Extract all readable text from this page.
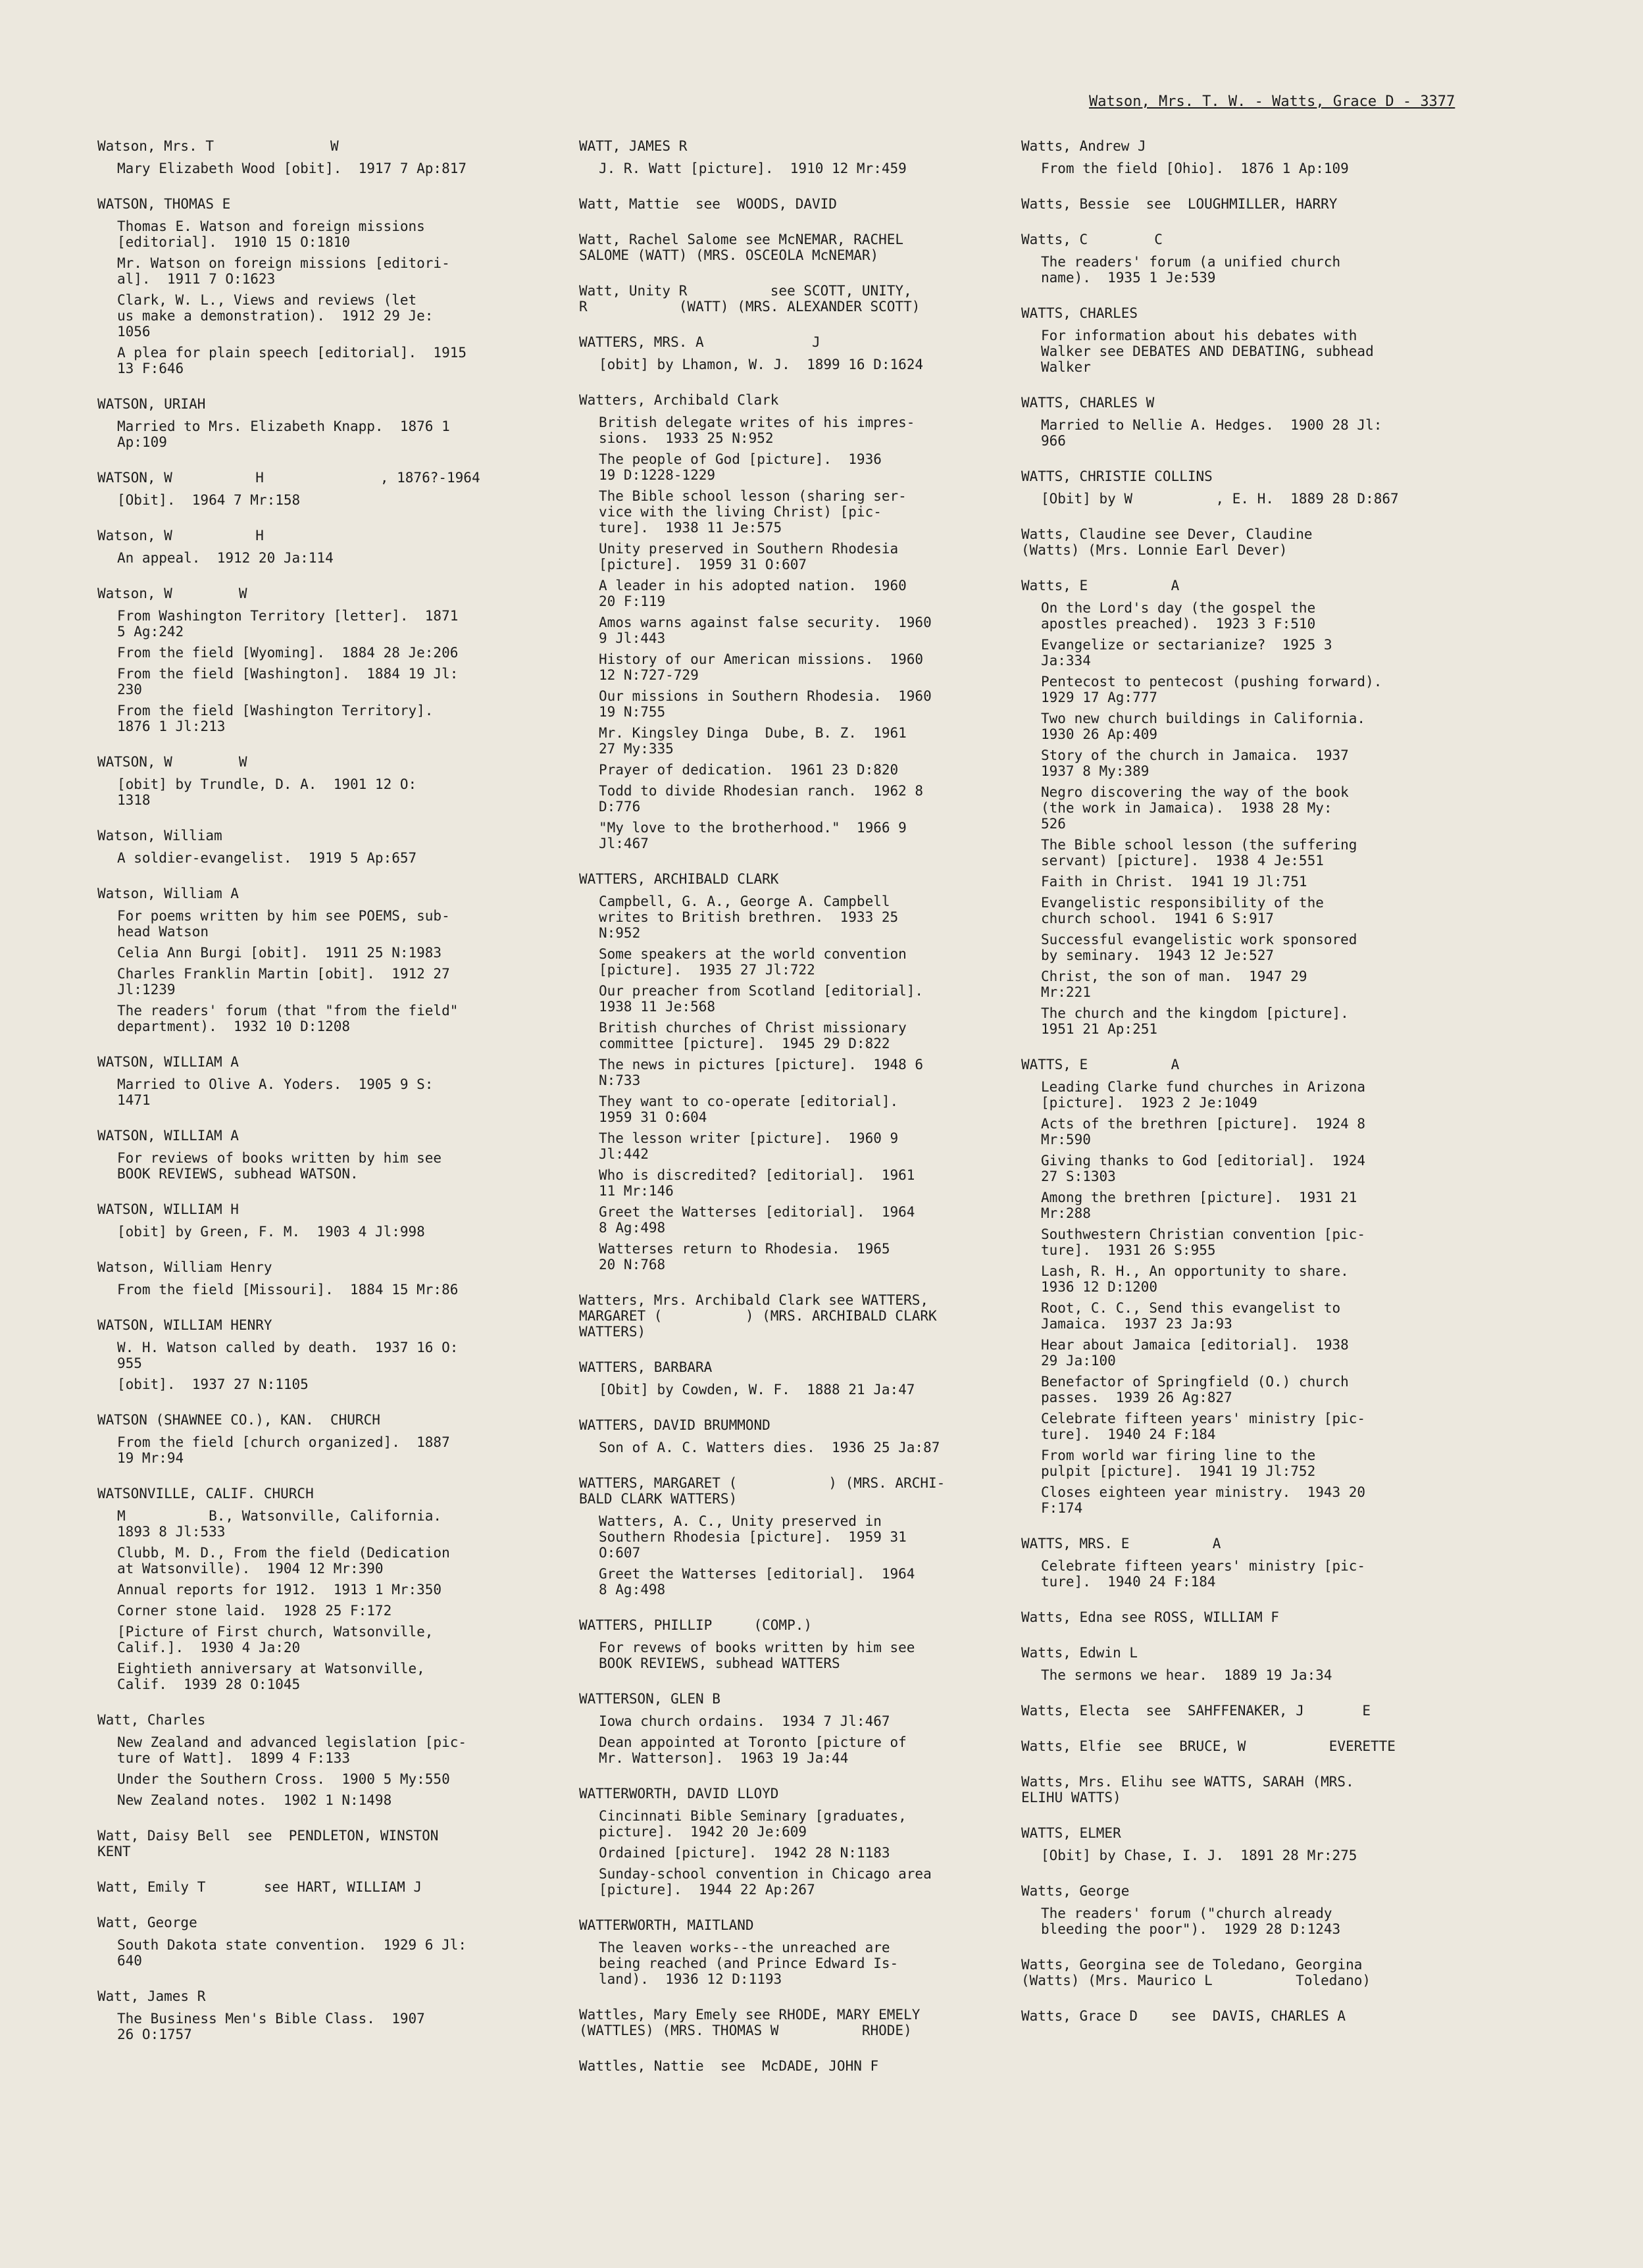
Watson, Mrs. T. W. - Watts, Grace D - 3377
Watson, Mrs. T              W
Mary Elizabeth Wood [obit].  1917 7 Ap:817
WATSON, THOMAS E
Thomas E. Watson and foreign missions
[editorial].  1910 15 O:1810
Mr. Watson on foreign missions [editori-
al].  1911 7 O:1623
Clark, W. L., Views and reviews (let
us make a demonstration).  1912 29 Je:
1056
A plea for plain speech [editorial].  1915
13 F:646
WATSON, URIAH
Married to Mrs. Elizabeth Knapp.  1876 1
Ap:109
WATSON, W          H              , 1876?-1964
[Obit].  1964 7 Mr:158
Watson, W          H
An appeal.  1912 20 Ja:114
Watson, W        W
From Washington Territory [letter].  1871
5 Ag:242
From the field [Wyoming].  1884 28 Je:206
From the field [Washington].  1884 19 Jl:
230
From the field [Washington Territory].
1876 1 Jl:213
WATSON, W        W
[obit] by Trundle, D. A.  1901 12 O:
1318
Watson, William
A soldier-evangelist.  1919 5 Ap:657
Watson, William A
For poems written by him see POEMS, sub-
head Watson
Celia Ann Burgi [obit].  1911 25 N:1983
Charles Franklin Martin [obit].  1912 27
Jl:1239
The readers' forum (that "from the field"
department).  1932 10 D:1208
WATSON, WILLIAM A
Married to Olive A. Yoders.  1905 9 S:
1471
WATSON, WILLIAM A
For reviews of books written by him see
BOOK REVIEWS, subhead WATSON.
WATSON, WILLIAM H
[obit] by Green, F. M.  1903 4 Jl:998
Watson, William Henry
From the field [Missouri].  1884 15 Mr:86
WATSON, WILLIAM HENRY
W. H. Watson called by death.  1937 16 O:
955
[obit].  1937 27 N:1105
WATSON (SHAWNEE CO.), KAN.  CHURCH
From the field [church organized].  1887
19 Mr:94
WATSONVILLE, CALIF. CHURCH
M          B., Watsonville, California.
1893 8 Jl:533
Clubb, M. D., From the field (Dedication
at Watsonville).  1904 12 Mr:390
Annual reports for 1912.  1913 1 Mr:350
Corner stone laid.  1928 25 F:172
[Picture of First church, Watsonville,
Calif.].  1930 4 Ja:20
Eightieth anniversary at Watsonville,
Calif.  1939 28 O:1045
Watt, Charles
New Zealand and advanced legislation [pic-
ture of Watt].  1899 4 F:133
Under the Southern Cross.  1900 5 My:550
New Zealand notes.  1902 1 N:1498
Watt, Daisy Bell  see  PENDLETON, WINSTON
KENT
Watt, Emily T       see HART, WILLIAM J
Watt, George
South Dakota state convention.  1929 6 Jl:
640
Watt, James R
The Business Men's Bible Class.  1907
26 O:1757
WATT, JAMES R
J. R. Watt [picture].  1910 12 Mr:459
Watt, Mattie  see  WOODS, DAVID
Watt, Rachel Salome see McNEMAR, RACHEL
SALOME (WATT) (MRS. OSCEOLA McNEMAR)
Watt, Unity R          see SCOTT, UNITY,
R           (WATT) (MRS. ALEXANDER SCOTT)
WATTERS, MRS. A             J
[obit] by Lhamon, W. J.  1899 16 D:1624
Watters, Archibald Clark
British delegate writes of his impres-
sions.  1933 25 N:952
The people of God [picture].  1936
19 D:1228-1229
The Bible school lesson (sharing ser-
vice with the living Christ) [pic-
ture].  1938 11 Je:575
Unity preserved in Southern Rhodesia
[picture].  1959 31 O:607
A leader in his adopted nation.  1960
20 F:119
Amos warns against false security.  1960
9 Jl:443
History of our American missions.  1960
12 N:727-729
Our missions in Southern Rhodesia.  1960
19 N:755
Mr. Kingsley Dinga  Dube, B. Z.  1961
27 My:335
Prayer of dedication.  1961 23 D:820
Todd to divide Rhodesian ranch.  1962 8
D:776
"My love to the brotherhood."  1966 9
Jl:467
WATTERS, ARCHIBALD CLARK
Campbell, G. A., George A. Campbell
writes to British brethren.  1933 25
N:952
Some speakers at the world convention
[picture].  1935 27 Jl:722
Our preacher from Scotland [editorial].
1938 11 Je:568
British churches of Christ missionary
committee [picture].  1945 29 D:822
The news in pictures [picture].  1948 6
N:733
They want to co-operate [editorial].
1959 31 O:604
The lesson writer [picture].  1960 9
Jl:442
Who is discredited? [editorial].  1961
11 Mr:146
Greet the Watterses [editorial].  1964
8 Ag:498
Watterses return to Rhodesia.  1965
20 N:768
Watters, Mrs. Archibald Clark see WATTERS,
MARGARET (          ) (MRS. ARCHIBALD CLARK
WATTERS)
WATTERS, BARBARA
[Obit] by Cowden, W. F.  1888 21 Ja:47
WATTERS, DAVID BRUMMOND
Son of A. C. Watters dies.  1936 25 Ja:87
WATTERS, MARGARET (           ) (MRS. ARCHI-
BALD CLARK WATTERS)
Watters, A. C., Unity preserved in
Southern Rhodesia [picture].  1959 31
O:607
Greet the Watterses [editorial].  1964
8 Ag:498
WATTERS, PHILLIP     (COMP.)
For revews of books written by him see
BOOK REVIEWS, subhead WATTERS
WATTERSON, GLEN B
Iowa church ordains.  1934 7 Jl:467
Dean appointed at Toronto [picture of
Mr. Watterson].  1963 19 Ja:44
WATTERWORTH, DAVID LLOYD
Cincinnati Bible Seminary [graduates,
picture].  1942 20 Je:609
Ordained [picture].  1942 28 N:1183
Sunday-school convention in Chicago area
[picture].  1944 22 Ap:267
WATTERWORTH, MAITLAND
The leaven works--the unreached are
being reached (and Prince Edward Is-
land).  1936 12 D:1193
Wattles, Mary Emely see RHODE, MARY EMELY
(WATTLES) (MRS. THOMAS W          RHODE)
Wattles, Nattie  see  McDADE, JOHN F
Watts, Andrew J
From the field [Ohio].  1876 1 Ap:109
Watts, Bessie  see  LOUGHMILLER, HARRY
Watts, C        C
The readers' forum (a unified church
name).  1935 1 Je:539
WATTS, CHARLES
For information about his debates with
Walker see DEBATES AND DEBATING, subhead
Walker
WATTS, CHARLES W
Married to Nellie A. Hedges.  1900 28 Jl:
966
WATTS, CHRISTIE COLLINS
[Obit] by W          , E. H.  1889 28 D:867
Watts, Claudine see Dever, Claudine
(Watts) (Mrs. Lonnie Earl Dever)
Watts, E          A
On the Lord's day (the gospel the
apostles preached).  1923 3 F:510
Evangelize or sectarianize?  1925 3
Ja:334
Pentecost to pentecost (pushing forward).
1929 17 Ag:777
Two new church buildings in California.
1930 26 Ap:409
Story of the church in Jamaica.  1937
1937 8 My:389
Negro discovering the way of the book
(the work in Jamaica).  1938 28 My:
526
The Bible school lesson (the suffering
servant) [picture].  1938 4 Je:551
Faith in Christ.  1941 19 Jl:751
Evangelistic responsibility of the
church school.  1941 6 S:917
Successful evangelistic work sponsored
by seminary.  1943 12 Je:527
Christ, the son of man.  1947 29
Mr:221
The church and the kingdom [picture].
1951 21 Ap:251
WATTS, E          A
Leading Clarke fund churches in Arizona
[picture].  1923 2 Je:1049
Acts of the brethren [picture].  1924 8
Mr:590
Giving thanks to God [editorial].  1924
27 S:1303
Among the brethren [picture].  1931 21
Mr:288
Southwestern Christian convention [pic-
ture].  1931 26 S:955
Lash, R. H., An opportunity to share.
1936 12 D:1200
Root, C. C., Send this evangelist to
Jamaica.  1937 23 Ja:93
Hear about Jamaica [editorial].  1938
29 Ja:100
Benefactor of Springfield (O.) church
passes.  1939 26 Ag:827
Celebrate fifteen years' ministry [pic-
ture].  1940 24 F:184
From world war firing line to the
pulpit [picture].  1941 19 Jl:752
Closes eighteen year ministry.  1943 20
F:174
WATTS, MRS. E          A
Celebrate fifteen years' ministry [pic-
ture].  1940 24 F:184
Watts, Edna see ROSS, WILLIAM F
Watts, Edwin L
The sermons we hear.  1889 19 Ja:34
Watts, Electa  see  SAHFFENAKER, J       E
Watts, Elfie  see  BRUCE, W          EVERETTE
Watts, Mrs. Elihu see WATTS, SARAH (MRS.
ELIHU WATTS)
WATTS, ELMER
[Obit] by Chase, I. J.  1891 28 Mr:275
Watts, George
The readers' forum ("church already
bleeding the poor").  1929 28 D:1243
Watts, Georgina see de Toledano, Georgina
(Watts) (Mrs. Maurico L          Toledano)
Watts, Grace D    see  DAVIS, CHARLES A
